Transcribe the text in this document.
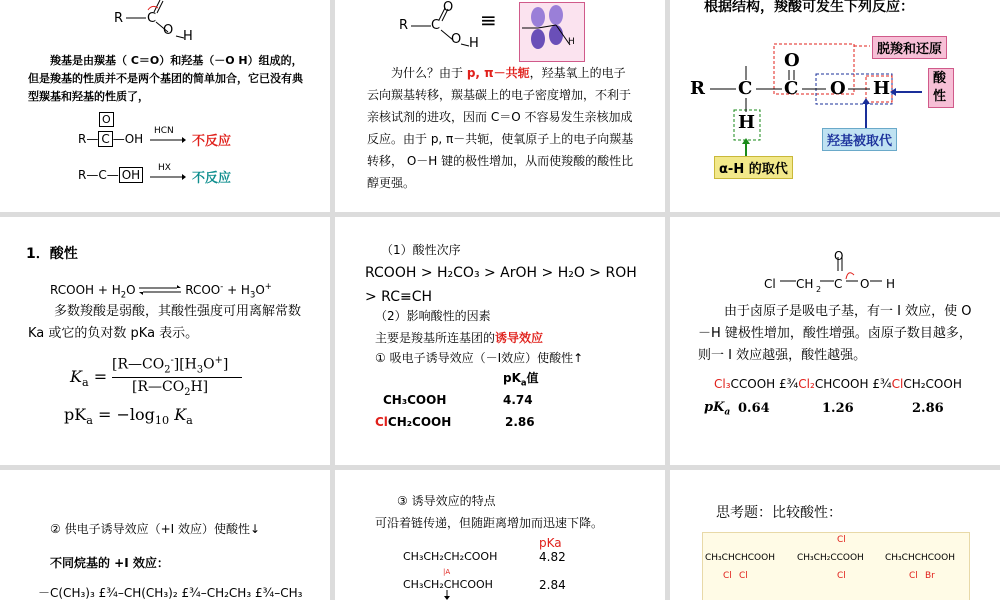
R C
O H
羧基是由羰基（ C＝O）和羟基（－O H）组成的，但是羧基的性质并不是两个基团的简单加合，它已没有典型羰基和羟基的性质了，
R— C —OH
O
HCN
不反应
R—C— OH	HX
不反应
R C
O
O H
≡
H
为什么？由于 p, π－共轭，羟基氧上的电子云向羰基转移，羰基碳上的电子密度增加，不利于亲核试剂的进攻，因而 C＝O 不容易发生亲核加成反应。由于 p, π－共轭，使氧原子上的电子向羰基转移， O－H 键的极性增加，从而使羧酸的酸性比醇更强。
根据结构，羧酸可发生下列反应：
R C C
O
O H
H
脱羧和还原
酸性
羟基被取代
α-H 的取代
1．酸性
RCOOH + $H_2O$ ⇌ RCOO- + $H_3O^+$
多数羧酸是弱酸，其酸性强度可用离解常数 Ka 或它的负对数 pKa 表示。
$K_a$ =
$[R—CO_2^-][H_3O^+]$
$[R—CO_2H]$
$pK_a = -\log_{10}$ $K_a$
（1）酸性次序
RCOOH > H₂CO₃ > ArOH > H₂O > ROH
> RC≡CH
（2）影响酸性的因素
主要是羧基所连基团的诱导效应
① 吸电子诱导效应（－Ⅰ效应）使酸性↑
$pK_a$值
CH₃COOH	4.74
ClCH₂COOH	2.86
Cl CH 2 C
O
O H
由于卤原子是吸电子基，有一 I 效应，使 O－H 键极性增加，酸性增强。卤原子数目越多，则一 I 效应越强，酸性越强。
Cl₃CCOOH £¾Cl₂CHCOOH £¾ClCH₂COOH
$pK_a$ 0.64	1.26	2.86
② 供电子诱导效应（+I 效应）使酸性↓
不同烷基的 +I 效应：
－C(CH₃)₃ £¾–CH(CH₃)₂ £¾–CH₂CH₃ £¾–CH₃
③ 诱导效应的特点
可沿着链传递，但随距离增加而迅速下降。
pKa
CH₃CH₂CH₂COOH	4.82
|A
CH₃CH₂CHCOOH	2.84
思考题：比较酸性：
CH₃CHCHCOOH
Cl Cl
CH₃CH₂CCOOH
Cl
Cl
CH₃CHCHCOOH
Cl Br
